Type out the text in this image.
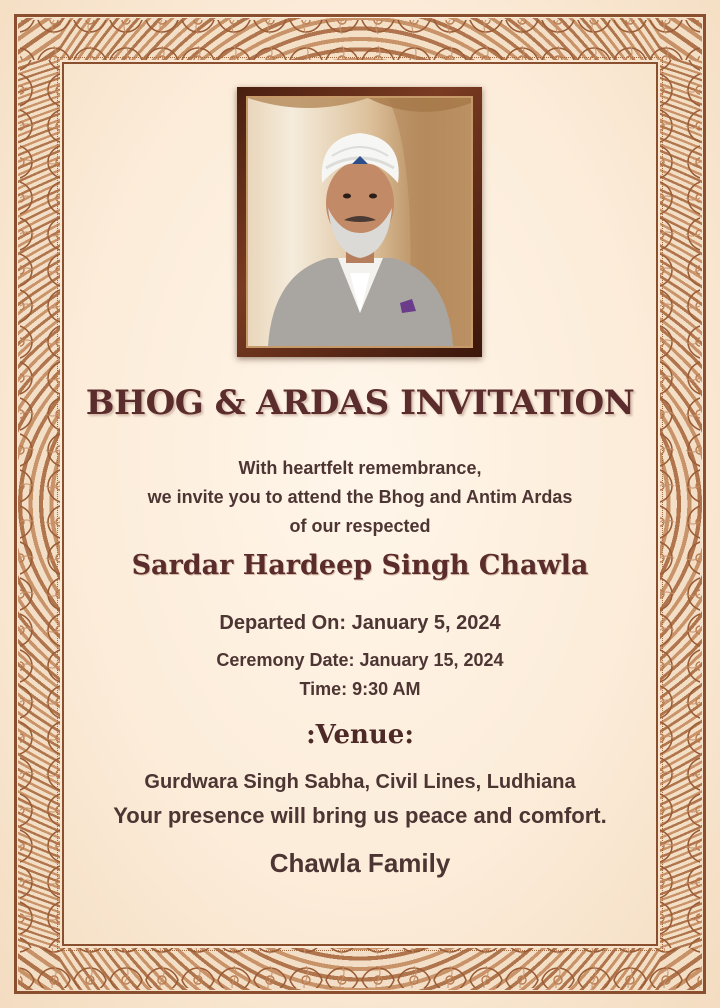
BHOG & ARDAS INVITATION
With heartfelt remembrance,
we invite you to attend the Bhog and Antim Ardas
of our respected
Sardar Hardeep Singh Chawla
Departed On: January 5, 2024
Ceremony Date: January 15, 2024
Time: 9:30 AM
:Venue:
Gurdwara Singh Sabha, Civil Lines, Ludhiana
Your presence will bring us peace and comfort.
Chawla Family
